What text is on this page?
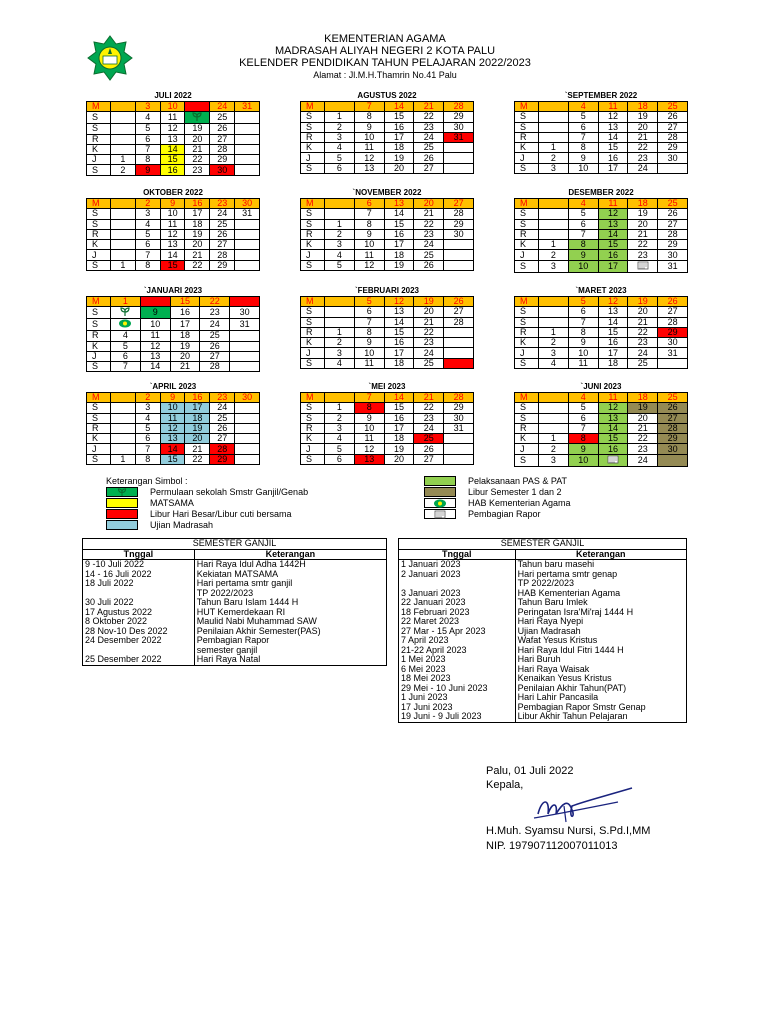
KEMENTERIAN AGAMA
MADRASAH ALIYAH NEGERI 2 KOTA PALU
KELENDER PENDIDIKAN TAHUN PELAJARAN 2022/2023
Alamat : Jl.M.H.Thamrin No.41 Palu
JULI 2022
M		3	10	17	24	31
S		4	11		25	
S		5	12	19	26	
R		6	13	20	27	
K		7	14	21	28	
J	1	8	15	22	29	
S	2	9	16	23	30	
AGUSTUS 2022
M		7	14	21	28
S	1	8	15	22	29
S	2	9	16	23	30
R	3	10	17	24	31
K	4	11	18	25	
J	5	12	19	26	
S	6	13	20	27	
`SEPTEMBER 2022
M		4	11	18	25
S		5	12	19	26
S		6	13	20	27
R		7	14	21	28
K	1	8	15	22	29
J	2	9	16	23	30
S	3	10	17	24	
OKTOBER 2022
M		2	9	16	23	30
S		3	10	17	24	31
S		4	11	18	25	
R		5	12	19	26	
K		6	13	20	27	
J		7	14	21	28	
S	1	8	15	22	29	
`NOVEMBER 2022
M		6	13	20	27
S		7	14	21	28
S	1	8	15	22	29
R	2	9	16	23	30
K	3	10	17	24	
J	4	11	18	25	
S	5	12	19	26	
DESEMBER 2022
M		4	11	18	25
S		5	12	19	26
S		6	13	20	27
R		7	14	21	28
K	1	8	15	22	29
J	2	9	16	23	30
S	3	10	17		31
`JANUARI 2023
M	1	8	15	22	29
S		9	16	23	30
S		10	17	24	31
R	4	11	18	25	
K	5	12	19	26	
J	6	13	20	27	
S	7	14	21	28	
`FEBRUARI 2023
M		5	12	19	26
S		6	13	20	27
S		7	14	21	28
R	1	8	15	22	
K	2	9	16	23	
J	3	10	17	24	
S	4	11	18	25	
`MARET 2023
M		5	12	19	26
S		6	13	20	27
S		7	14	21	28
R	1	8	15	22	29
K	2	9	16	23	30
J	3	10	17	24	31
S	4	11	18	25	
`APRIL 2023
M		2	9	16	23	30
S		3	10	17	24	
S		4	11	18	25	
R		5	12	19	26	
K		6	13	20	27	
J		7	14	21	28	
S	1	8	15	22	29	
`MEI 2023
M		7	14	21	28
S	1	8	15	22	29
S	2	9	16	23	30
R	3	10	17	24	31
K	4	11	18	25	
J	5	12	19	26	
S	6	13	20	27	
`JUNI 2023
M		4	11	18	25
S		5	12	19	26
S		6	13	20	27
R		7	14	21	28
K	1	8	15	22	29
J	2	9	16	23	30
S	3	10		24	
Keterangan Simbol :
Permulaan sekolah Smstr Ganjil/Genab
MATSAMA
Libur Hari Besar/Libur cuti bersama
Ujian Madrasah
Pelaksanaan PAS & PAT
Libur Semester 1 dan 2
HAB Kementerian Agama
Pembagian Rapor
SEMESTER GANJIL	
Tnggal	Keterangan
9 -10 Juli 2022	Hari Raya Idul Adha 1442H
14 - 16 Juli 2022	Kekiatan MATSAMA
18 Juli 2022	Hari pertama smtr ganjil
	TP 2022/2023
30 Juli 2022	Tahun Baru Islam 1444 H
17 Agustus 2022	HUT Kemerdekaan RI
8 Oktober 2022	Maulid Nabi Muhammad SAW
28 Nov-10 Des 2022	Penilaian Akhir Semester(PAS)
24 Desember 2022	Pembagian Rapor
	semester ganjil
25 Desember 2022	Hari Raya Natal

SEMESTER GANJIL	
Tnggal	Keterangan
1 Januari 2023	Tahun baru masehi
2 Januari 2023	Hari pertama smtr genap
	TP 2022/2023
3 Januari 2023	HAB Kementerian Agama
22 Januari 2023	Tahun Baru Imlek
18 Februari 2023	Peringatan Isra'Mi'raj 1444 H
22 Maret 2023	Hari Raya Nyepi
27 Mar - 15 Apr 2023	Ujian Madrasah
7 April 2023	Wafat Yesus Kristus
21-22 April 2023	Hari Raya Idul Fitri 1444 H
1 Mei 2023	Hari Buruh
6 Mei 2023	Hari Raya Waisak
18 Mei 2023	Kenaikan Yesus Kristus
29 Mei - 10 Juni 2023	Penilaian Akhir Tahun(PAT)
1 Juni 2023	Hari Lahir Pancasila
17 Juni 2023	Pembagian Rapor Smstr Genap
19 Juni - 9 Juli 2023	Libur Akhir Tahun Pelajaran
Palu, 01 Juli 2022
Kepala,
H.Muh. Syamsu Nursi, S.Pd.I,MM
NIP. 197907112007011013
